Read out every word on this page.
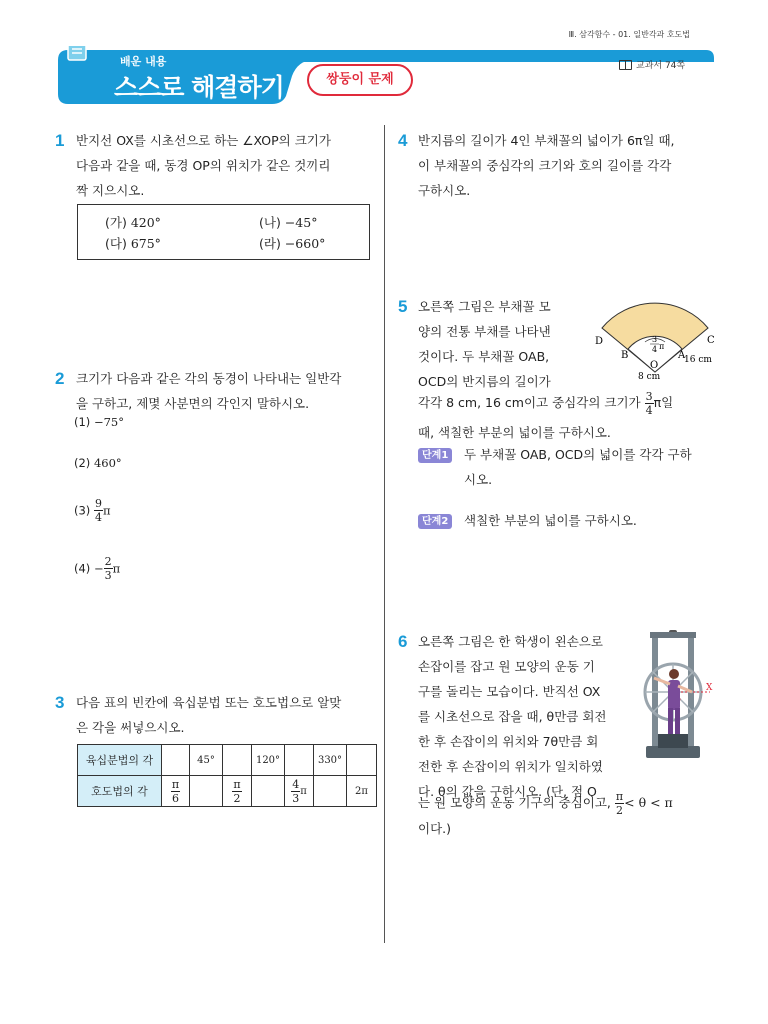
Ⅲ. 삼각함수 - 01. 일반각과 호도법
배운 내용
스스로 해결하기	쌍둥이 문제
교과서 74쪽
1 반지선 OX를 시초선으로 하는 ∠XOP의 크기가
다음과 같을 때, 동경 OP의 위치가 같은 것끼리
짝 지으시오.
(가) 420°	(나) −45°
(다) 675°	(라) −660°
2 크기가 다음과 같은 각의 동경이 나타내는 일반각
을 구하고, 제몇 사분면의 각인지 말하시오.
(1) −75°
(2) 460°
$(3) \frac{9}{4}$ π
$(4) - \frac{2}{3}$ π
3 다음 표의 빈칸에 육십분법 또는 호도법으로 알맞
은 각을 써넣으시오.
육십분법의 각		45°		120°		330°	
호도법의 각	$\frac{\pi}{6}$		$\frac{\pi}{2}$		$\frac{4}{3}$ π		2π
4 반지름의 길이가 4인 부채꼴의 넓이가 6π일 때,
이 부채꼴의 중심각의 크기와 호의 길이를 각각
구하시오.
5 오른쪽 그림은 부채꼴 모
양의 전통 부채를 나타낸
것이다. 두 부채꼴 OAB,
OCD의 반지름의 길이가
각각 8 cm, 16 cm이고 중심각의 크기가 $\frac{3}{4}$ π일
때, 색칠한 부분의 넓이를 구하시오.
단계1	두 부채꼴 OAB, OCD의 넓이를 각각 구하
시오.
단계2	색칠한 부분의 넓이를 구하시오.
D	C
B	A
O	16 cm
8 cm
3
4 π
6 오른쪽 그림은 한 학생이 왼손으로
손잡이를 잡고 원 모양의 운동 기
구를 돌리는 모습이다. 반직선 OX
를 시초선으로 잡을 때, θ만큼 회전
한 후 손잡이의 위치와 7θ만큼 회
전한 후 손잡이의 위치가 일치하였
다. θ의 값을 구하시오. (단, 점 O
는 원 모양의 운동 기구의 중심이고, $\frac{\pi}{2} < \theta < \pi$
이다.)
X
